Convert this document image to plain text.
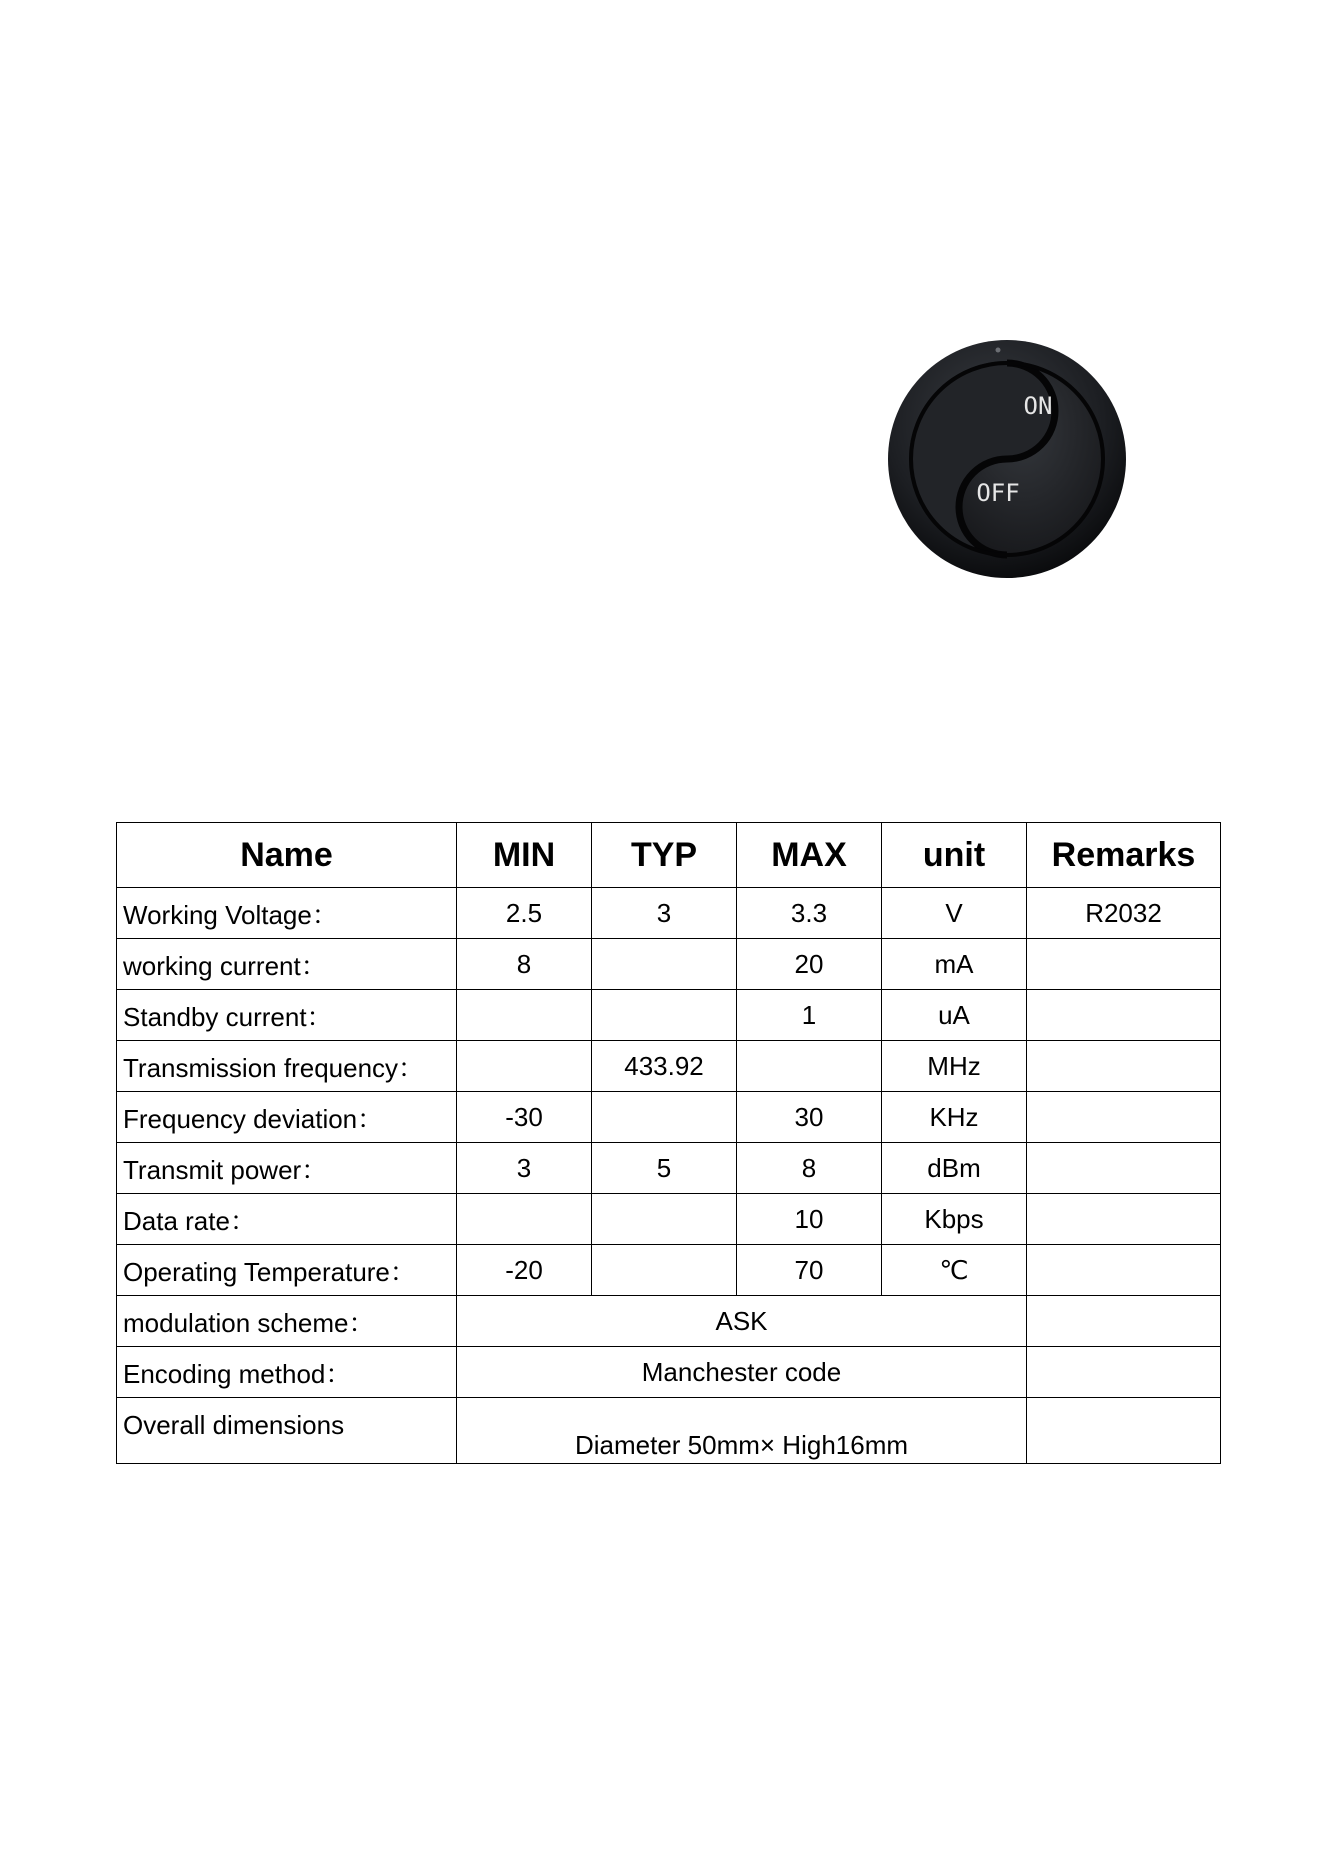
ON
OFF
Name	MIN	TYP	MAX	unit	Remarks
Working Voltage：	2.5	3	3.3	V	R2032
working current：	8		20	mA	
Standby current：			1	uA	
Transmission frequency：		433.92		MHz	
Frequency deviation：	-30		30	KHz	
Transmit power：	3	5	8	dBm	
Data rate：			10	Kbps	
Operating Temperature：	-20		70	℃	
modulation scheme：	ASK				
Encoding method：	Manchester code				
Overall dimensions	Diameter 50mm× High16mm				
